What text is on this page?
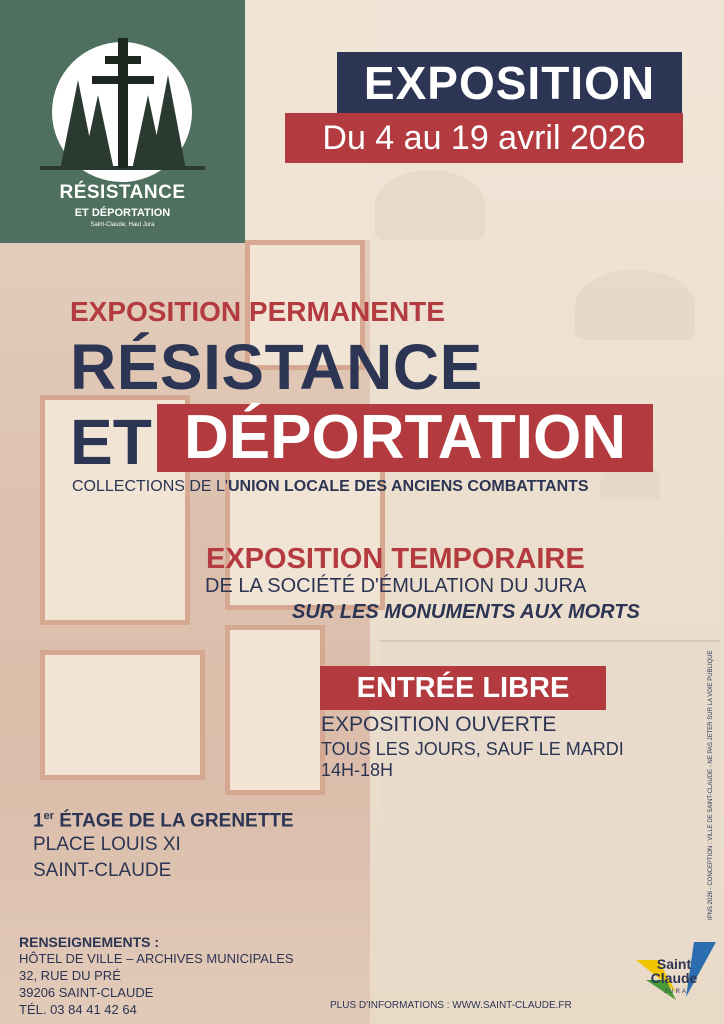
RÉSISTANCE
ET DÉPORTATION
Saint-Claude, Haut Jura
EXPOSITION
Du 4 au 19 avril 2026
EXPOSITION PERMANENTE
RÉSISTANCE
ET DÉPORTATION
COLLECTIONS DE L'UNION LOCALE DES ANCIENS COMBATTANTS
EXPOSITION TEMPORAIRE
DE LA SOCIÉTÉ D'ÉMULATION DU JURA
SUR LES MONUMENTS AUX MORTS
ENTRÉE LIBRE
EXPOSITION OUVERTE
TOUS LES JOURS, SAUF LE MARDI
14H-18H
1er ÉTAGE DE LA GRENETTE
PLACE LOUIS XI
SAINT-CLAUDE
RENSEIGNEMENTS :
HÔTEL DE VILLE – ARCHIVES MUNICIPALES
32, RUE DU PRÉ
39206 SAINT-CLAUDE
TÉL. 03 84 41 42 64	PLUS D'INFORMATIONS : WWW.SAINT-CLAUDE.FR
IPNS 2026 - CONCEPTION : VILLE DE SAINT-CLAUDE - NE PAS JETER SUR LA VOIE PUBLIQUE
Saint
Claude
JURA
